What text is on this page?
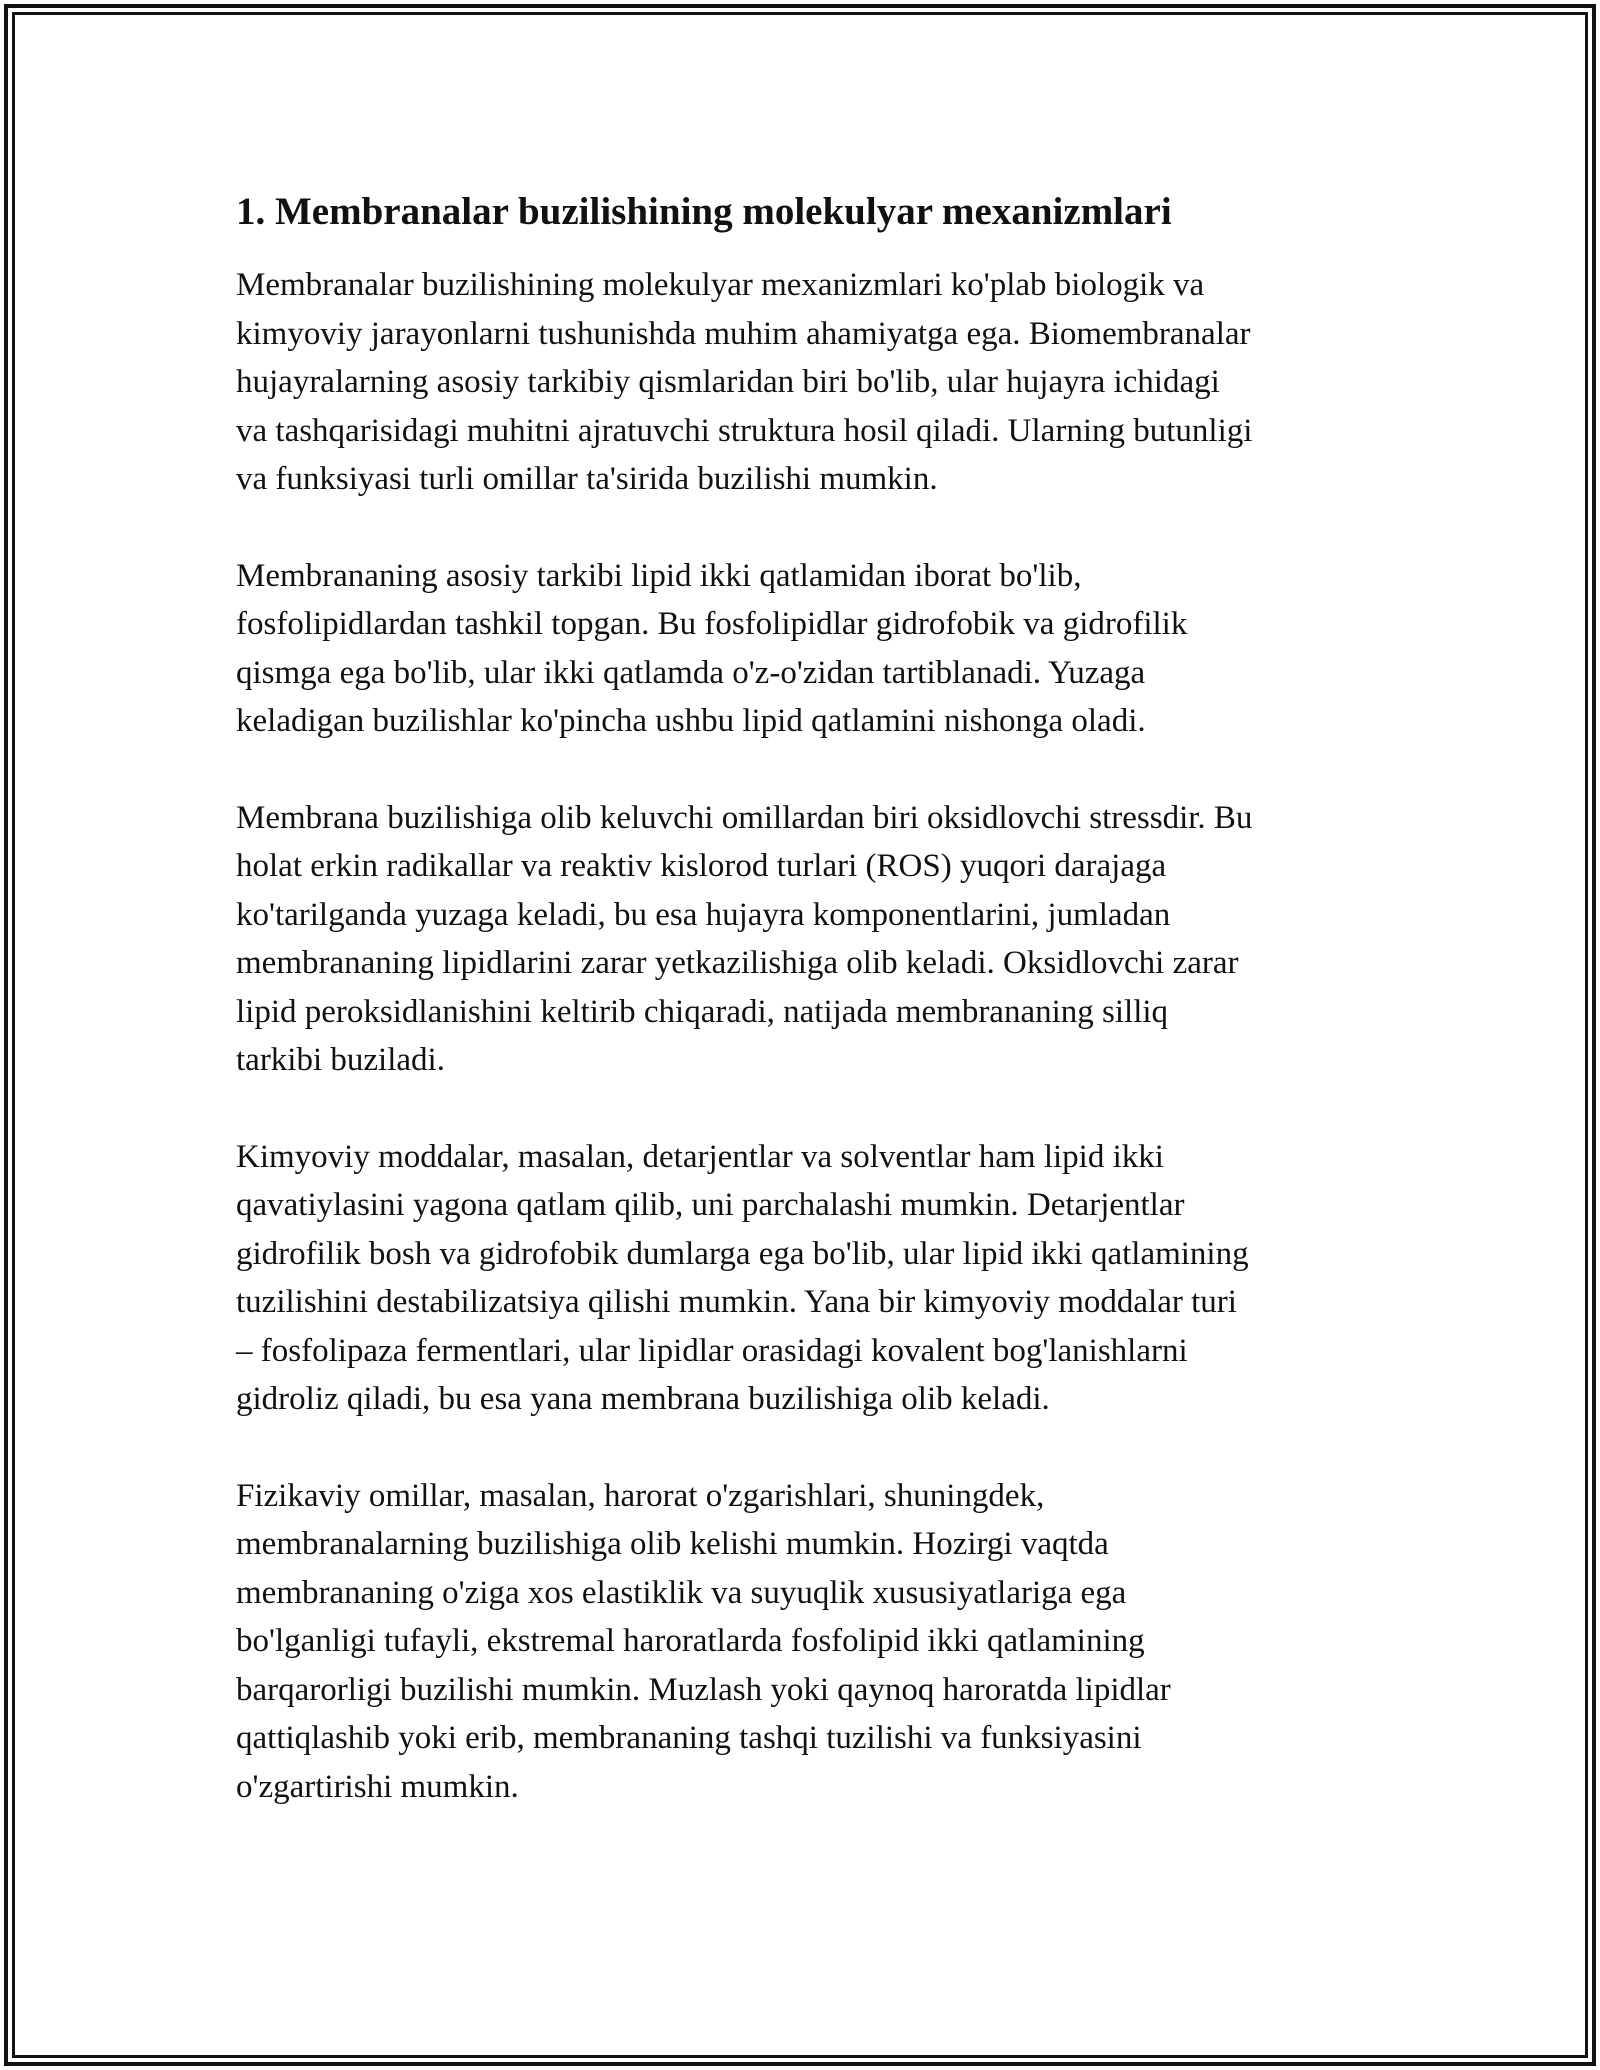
1. Membranalar buzilishining molekulyar mexanizmlari

Membranalar buzilishining molekulyar mexanizmlari ko'plab biologik va
kimyoviy jarayonlarni tushunishda muhim ahamiyatga ega. Biomembranalar
hujayralarning asosiy tarkibiy qismlaridan biri bo'lib, ular hujayra ichidagi
va tashqarisidagi muhitni ajratuvchi struktura hosil qiladi. Ularning butunligi
va funksiyasi turli omillar ta'sirida buzilishi mumkin.

Membrananing asosiy tarkibi lipid ikki qatlamidan iborat bo'lib,
fosfolipidlardan tashkil topgan. Bu fosfolipidlar gidrofobik va gidrofilik
qismga ega bo'lib, ular ikki qatlamda o'z-o'zidan tartiblanadi. Yuzaga
keladigan buzilishlar ko'pincha ushbu lipid qatlamini nishonga oladi.

Membrana buzilishiga olib keluvchi omillardan biri oksidlovchi stressdir. Bu
holat erkin radikallar va reaktiv kislorod turlari (ROS) yuqori darajaga
ko'tarilganda yuzaga keladi, bu esa hujayra komponentlarini, jumladan
membrananing lipidlarini zarar yetkazilishiga olib keladi. Oksidlovchi zarar
lipid peroksidlanishini keltirib chiqaradi, natijada membrananing silliq
tarkibi buziladi.

Kimyoviy moddalar, masalan, detarjentlar va solventlar ham lipid ikki
qavatiylasini yagona qatlam qilib, uni parchalashi mumkin. Detarjentlar
gidrofilik bosh va gidrofobik dumlarga ega bo'lib, ular lipid ikki qatlamining
tuzilishini destabilizatsiya qilishi mumkin. Yana bir kimyoviy moddalar turi
– fosfolipaza fermentlari, ular lipidlar orasidagi kovalent bog'lanishlarni
gidroliz qiladi, bu esa yana membrana buzilishiga olib keladi.

Fizikaviy omillar, masalan, harorat o'zgarishlari, shuningdek,
membranalarning buzilishiga olib kelishi mumkin. Hozirgi vaqtda
membrananing o'ziga xos elastiklik va suyuqlik xususiyatlariga ega
bo'lganligi tufayli, ekstremal haroratlarda fosfolipid ikki qatlamining
barqarorligi buzilishi mumkin. Muzlash yoki qaynoq haroratda lipidlar
qattiqlashib yoki erib, membrananing tashqi tuzilishi va funksiyasini
o'zgartirishi mumkin.
